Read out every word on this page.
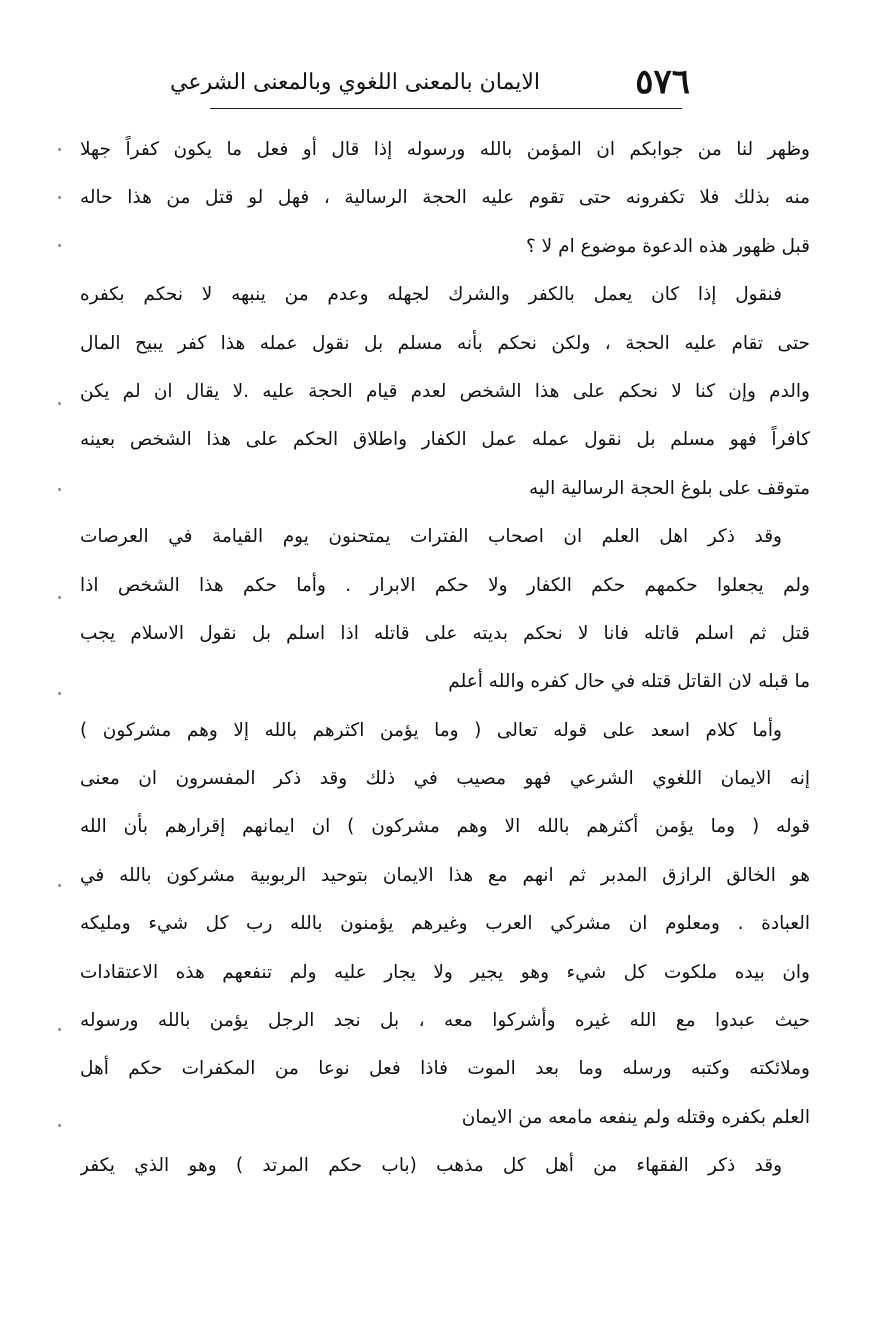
٥٧٦
الايمان بالمعنى اللغوي وبالمعنى الشرعي
وظهر لنا من جوابكم ان المؤمن بالله ورسوله إذا قال أو فعل ما يكون كفراً جهلا
منه بذلك فلا تكفرونه حتى تقوم عليه الحجة الرسالية ، فهل لو قتل من هذا حاله
قبل ظهور هذه الدعوة موضوع ام لا ؟
فنقول إذا كان يعمل بالكفر والشرك لجهله وعدم من ينبهه لا نحكم بكفره
حتى تقام عليه الحجة ، ولكن نحكم بأنه مسلم بل نقول عمله هذا كفر يبيح المال
والدم وإن كنا لا نحكم على هذا الشخص لعدم قيام الحجة عليه .لا يقال ان لم يكن
كافراً فهو مسلم بل نقول عمله عمل الكفار واطلاق الحكم على هذا الشخص بعينه
متوقف على بلوغ الحجة الرسالية اليه
وقد ذكر اهل العلم ان اصحاب الفترات يمتحنون يوم القيامة في العرصات
ولم يجعلوا حكمهم حكم الكفار ولا حكم الابرار . وأما حكم هذا الشخص اذا
قتل ثم اسلم قاتله فانا لا نحكم بديته على قاتله اذا اسلم بل نقول الاسلام يجب
ما قبله لان القاتل قتله في حال كفره والله أعلم
وأما كلام اسعد على قوله تعالى ( وما يؤمن اكثرهم بالله إلا وهم مشركون )
إنه الايمان اللغوي الشرعي فهو مصيب في ذلك وقد ذكر المفسرون ان معنى
قوله ( وما يؤمن أكثرهم بالله الا وهم مشركون ) ان ايمانهم إقرارهم بأن الله
هو الخالق الرازق المدبر ثم انهم مع هذا الايمان بتوحيد الربوبية مشركون بالله في
العبادة . ومعلوم ان مشركي العرب وغيرهم يؤمنون بالله رب كل شيء ومليكه
وان بيده ملكوت كل شيء وهو يجير ولا يجار عليه ولم تنفعهم هذه الاعتقادات
حيث عبدوا مع الله غيره وأشركوا معه ، بل نجد الرجل يؤمن بالله ورسوله
وملائكته وكتبه ورسله وما بعد الموت فاذا فعل نوعا من المكفرات حكم أهل
العلم بكفره وقتله ولم ينفعه مامعه من الايمان
وقد ذكر الفقهاء من أهل كل مذهب (باب حكم المرتد ) وهو الذي يكفر
